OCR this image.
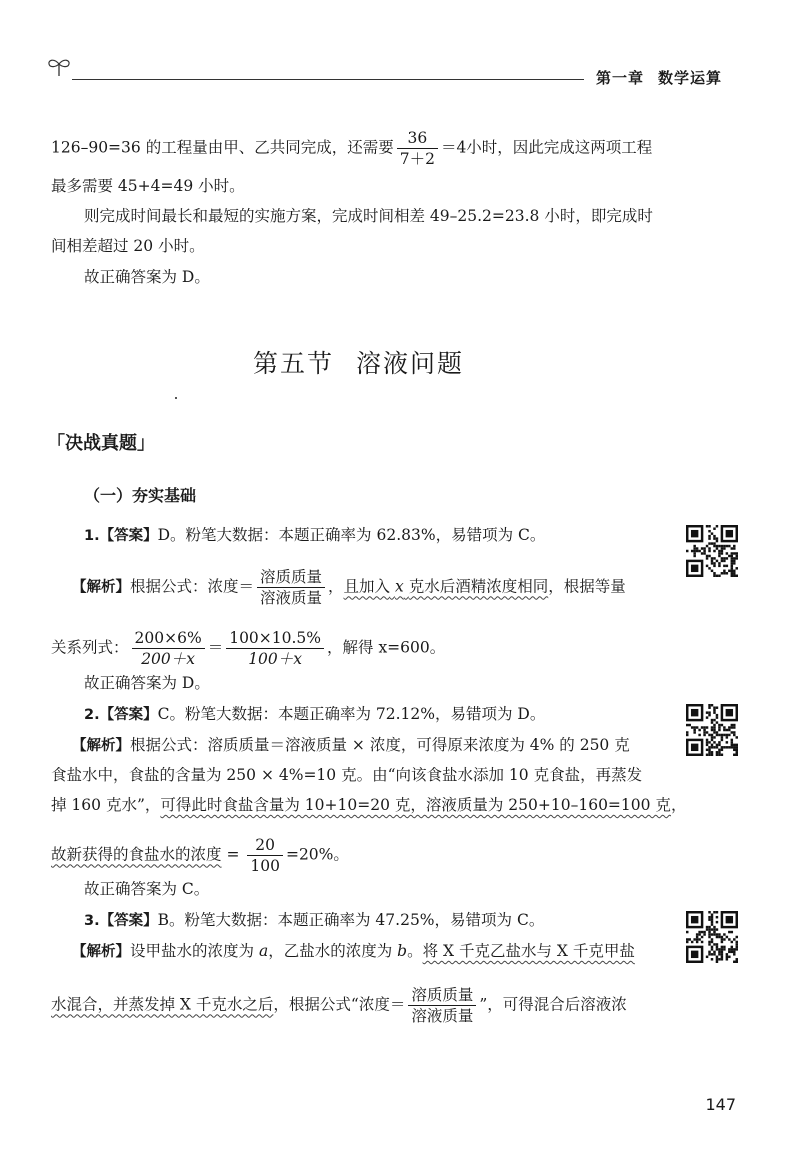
第一章 数学运算
126–90=36 的工程量由甲、乙共同完成，还需要 $\frac{36}{7+2} =4$小时，因此完成这两项工程
最多需要 45+4=49 小时。
则完成时间最长和最短的实施方案，完成时间相差 49–25.2=23.8 小时，即完成时
间相差超过 20 小时。
故正确答案为 D。
第五节 溶液问题
「决战真题」
（一）夯实基础
1.【答案】D。粉笔大数据：本题正确率为 62.83%，易错项为 C。
【解析】根据公式：浓度＝ $\frac{\text{溶质质量}}{\text{溶液质量}}$ ，且加入 x 克水后酒精浓度相同，根据等量
关系列式： $\frac{200\times 6\%}{200+x} = \frac{100\times 10.5\%}{100+x}$ ，解得 x=600。
故正确答案为 D。
2.【答案】C。粉笔大数据：本题正确率为 72.12%，易错项为 D。
【解析】根据公式：溶质质量＝溶液质量 × 浓度，可得原来浓度为 4% 的 250 克
食盐水中，食盐的含量为 250 × 4%=10 克。由“向该食盐水添加 10 克食盐，再蒸发
掉 160 克水”，可得此时食盐含量为 10+10=20 克，溶液质量为 250+10–160=100 克，
故新获得的食盐水的浓度 = $\frac{20}{100} =20\%$。
故正确答案为 C。
3.【答案】B。粉笔大数据：本题正确率为 47.25%，易错项为 C。
【解析】设甲盐水的浓度为 a，乙盐水的浓度为 b。将 X 千克乙盐水与 X 千克甲盐
水混合，并蒸发掉 X 千克水之后，根据公式“浓度＝ $\frac{\text{溶质质量}}{\text{溶液质量}}$ ”，可得混合后溶液浓
147
